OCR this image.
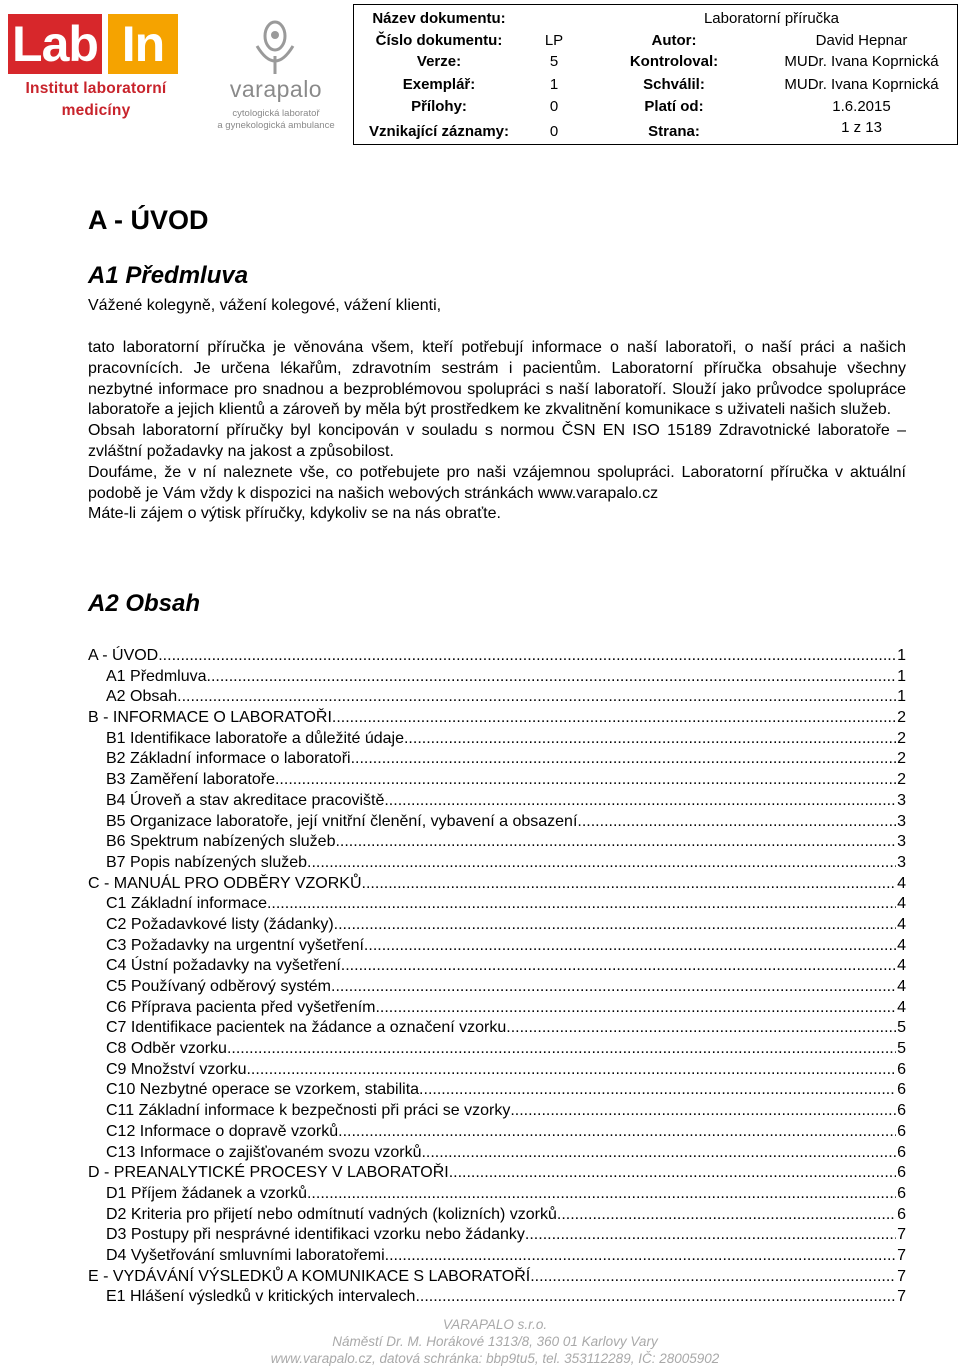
Lab In
Institut laboratorní
medicíny
varapalo
cytologická laboratoř
a gynekologická ambulance
Název dokumentu:	Laboratorní příručka
Číslo dokumentu:	LP	Autor:	David Hepnar
Verze:	5	Kontroloval:	MUDr. Ivana Koprnická
Exemplář:	1	Schválil:	MUDr. Ivana Koprnická
Přílohy:	0	Platí od:	1.6.2015
Vznikající záznamy:	0	Strana:	1 z 13
A - ÚVOD
A1 Předmluva
Vážené kolegyně, vážení kolegové, vážení klienti,

tato laboratorní příručka je věnována všem, kteří potřebují informace o naší laboratoři, o naší práci a našich pracovnících. Je určena lékařům, zdravotním sestrám i pacientům. Laboratorní příručka obsahuje všechny nezbytné informace pro snadnou a bezproblémovou spolupráci s naší laboratoří. Slouží jako průvodce spolupráce laboratoře a jejich klientů a zároveň by měla být prostředkem ke zkvalitnění komunikace s uživateli našich služeb.

Obsah laboratorní příručky byl koncipován v souladu s normou ČSN EN ISO 15189 Zdravotnické laboratoře – zvláštní požadavky na jakost a způsobilost.

Doufáme, že v ní naleznete vše, co potřebujete pro naši vzájemnou spolupráci. Laboratorní příručka v aktuální podobě je Vám vždy k dispozici na našich webových stránkách www.varapalo.cz

Máte-li zájem o výtisk příručky, kdykoliv se na nás obraťte.

A2 Obsah
A - ÚVOD .....	1
A1 Předmluva .....	1
A2 Obsah .....	1
B - INFORMACE O LABORATOŘI .....	2
B1 Identifikace laboratoře a důležité údaje .....	2
B2 Základní informace o laboratoři .....	2
B3 Zaměření laboratoře .....	2
B4 Úroveň a stav akreditace pracoviště .....	3
B5 Organizace laboratoře, její vnitřní členění, vybavení a obsazení .....	3
B6 Spektrum nabízených služeb .....	3
B7 Popis nabízených služeb .....	3
C - MANUÁL PRO ODBĚRY VZORKŮ .....	4
C1 Základní informace .....	4
C2 Požadavkové listy (žádanky) .....	4
C3 Požadavky na urgentní vyšetření .....	4
C4 Ústní požadavky na vyšetření .....	4
C5 Používaný odběrový systém .....	4
C6 Příprava pacienta před vyšetřením .....	4
C7 Identifikace pacientek na žádance a označení vzorku .....	5
C8 Odběr vzorku .....	5
C9 Množství vzorku .....	6
C10 Nezbytné operace se vzorkem, stabilita .....	6
C11 Základní informace k bezpečnosti při práci se vzorky .....	6
C12 Informace o dopravě vzorků .....	6
C13 Informace o zajišťovaném svozu vzorků .....	6
D - PREANALYTICKÉ PROCESY V LABORATOŘI .....	6
D1 Příjem žádanek a vzorků .....	6
D2 Kriteria pro přijetí nebo odmítnutí vadných (kolizních) vzorků .....	6
D3 Postupy při nesprávné identifikaci vzorku nebo žádanky .....	7
D4 Vyšetřování smluvními laboratořemi .....	7
E - VYDÁVÁNÍ VÝSLEDKŮ A KOMUNIKACE S LABORATOŘÍ .....	7
E1 Hlášení výsledků v kritických intervalech .....	7
VARAPALO s.r.o.
Náměstí Dr. M. Horákové 1313/8, 360 01 Karlovy Vary
www.varapalo.cz, datová schránka: bbp9tu5, tel. 353112289, IČ: 28005902
